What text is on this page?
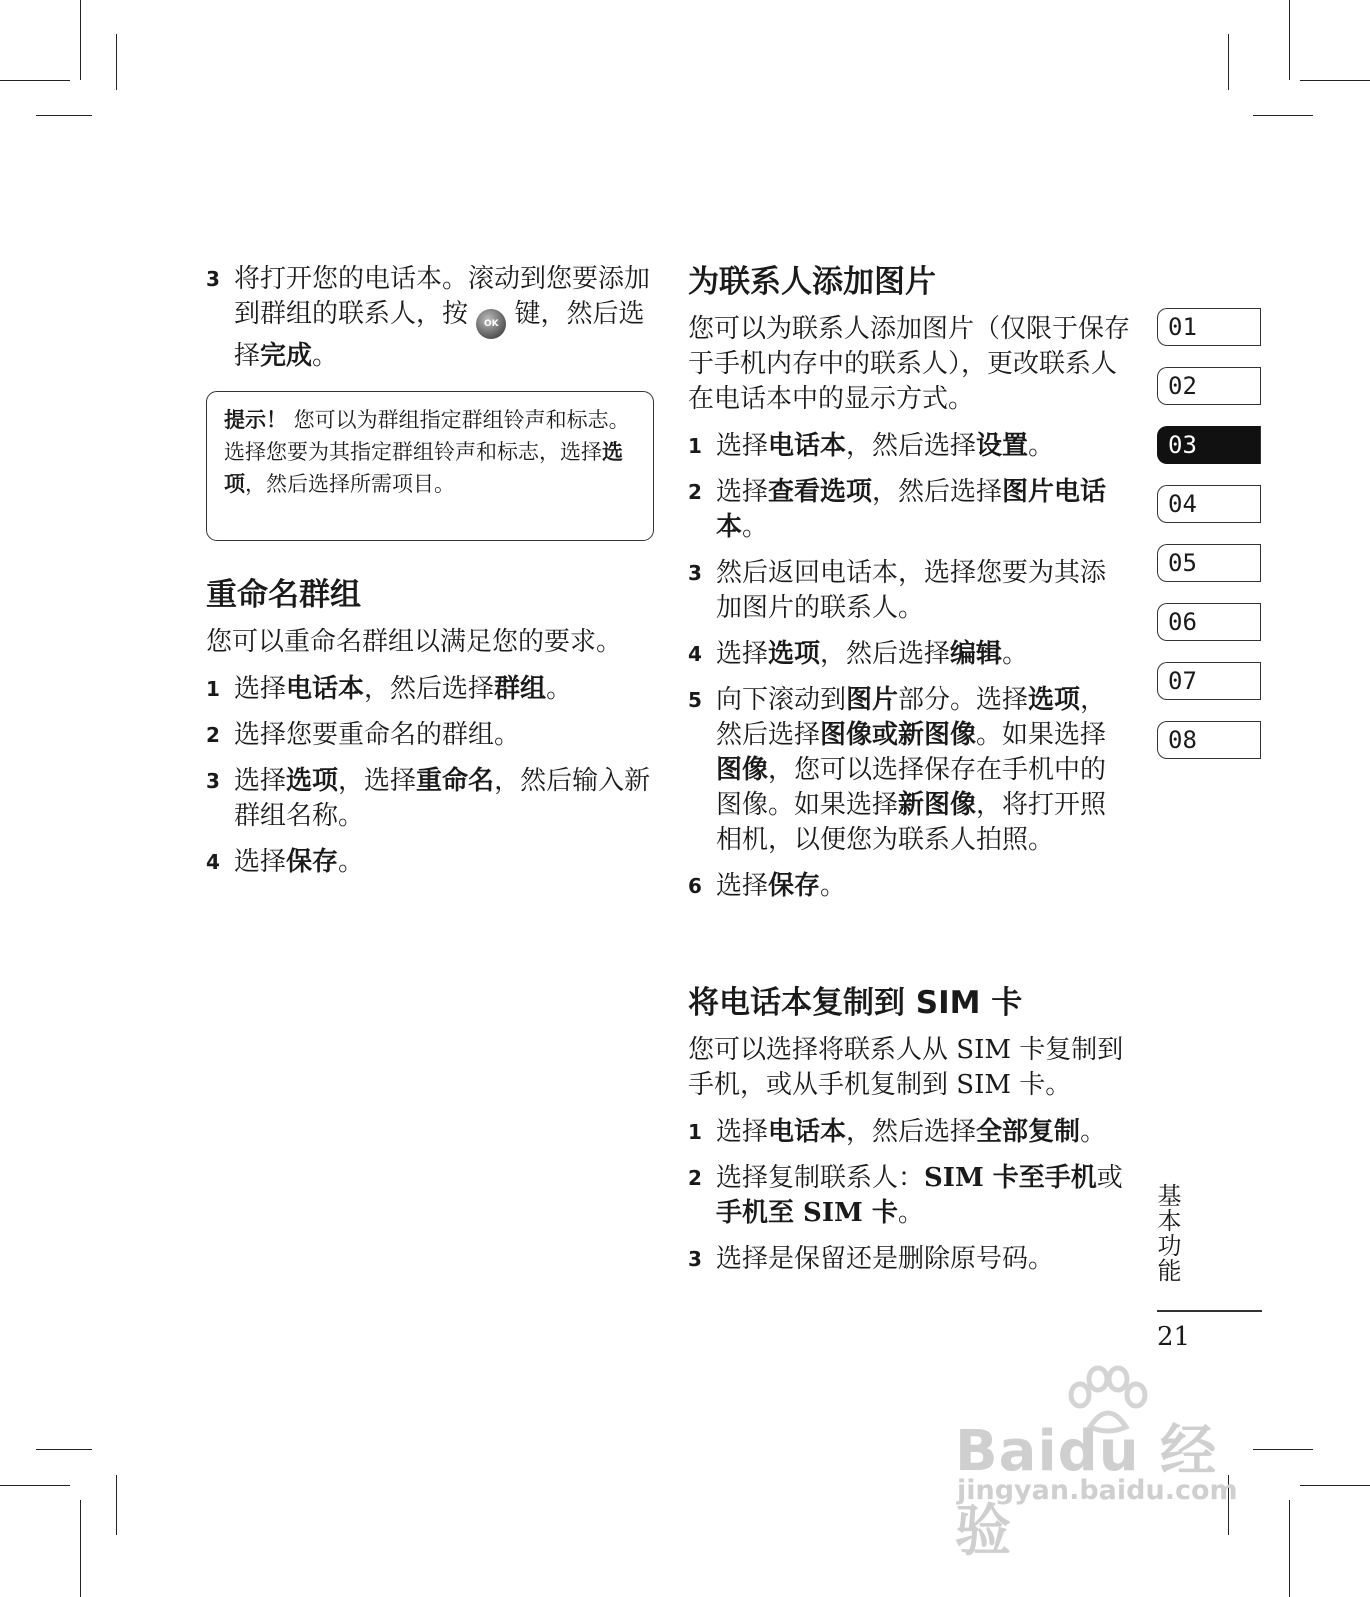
3 将打开您的电话本。滚动到您要添加到群组的联系人，按 OK 键，然后选择完成。
提示！ 您可以为群组指定群组铃声和标志。选择您要为其指定群组铃声和标志，选择选项，然后选择所需项目。
重命名群组

您可以重命名群组以满足您的要求。

1 选择电话本，然后选择群组。
2 选择您要重命名的群组。
3 选择选项，选择重命名，然后输入新群组名称。
4 选择保存。
为联系人添加图片

您可以为联系人添加图片（仅限于保存于手机内存中的联系人），更改联系人在电话本中的显示方式。

1 选择电话本，然后选择设置。
2 选择查看选项，然后选择图片电话本。
3 然后返回电话本，选择您要为其添加图片的联系人。
4 选择选项，然后选择编辑。
5 向下滚动到图片部分。选择选项，然后选择图像或新图像。如果选择图像，您可以选择保存在手机中的图像。如果选择新图像，将打开照相机，以便您为联系人拍照。
6 选择保存。
将电话本复制到 SIM 卡

您可以选择将联系人从 SIM 卡复制到手机，或从手机复制到 SIM 卡。

1 选择电话本，然后选择全部复制。
2 选择复制联系人：SIM 卡至手机或手机至 SIM 卡。
3 选择是保留还是删除原号码。
01
02
03
04
05
06
07
08
基本功能
21
Baidu 经验
jingyan.baidu.com
